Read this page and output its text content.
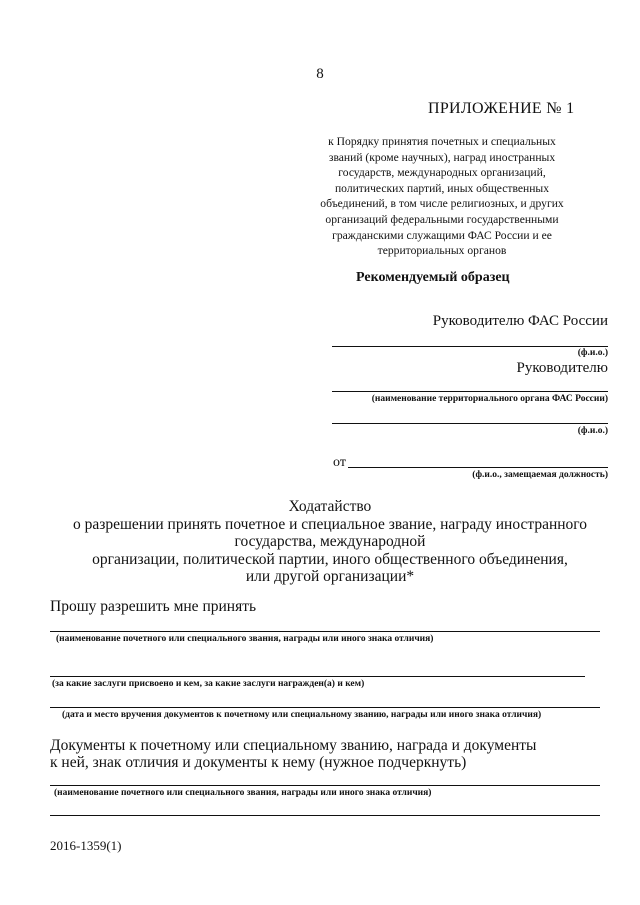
8
ПРИЛОЖЕНИЕ № 1
к Порядку принятия почетных и специальных
званий (кроме научных), наград иностранных
государств, международных организаций,
политических партий, иных общественных
объединений, в том числе религиозных, и других
организаций федеральными государственными
гражданскими служащими ФАС России и ее
территориальных органов
Рекомендуемый образец
Руководителю ФАС России
(ф.и.о.)
Руководителю
(наименование территориального органа ФАС России)
(ф.и.о.)
от
(ф.и.о., замещаемая должность)
Ходатайство
о разрешении принять почетное и специальное звание, награду иностранного
государства, международной
организации, политической партии, иного общественного объединения,
или другой организации*
Прошу разрешить мне принять
(наименование почетного или специального звания, награды или иного знака отличия)
(за какие заслуги присвоено и кем, за какие заслуги награжден(а) и кем)
(дата и место вручения документов к почетному или специальному званию, награды или иного знака отличия)
Документы к почетному или специальному званию, награда и документы
к ней, знак отличия и документы к нему (нужное подчеркнуть)
(наименование почетного или специального звания, награды или иного знака отличия)
2016-1359(1)
